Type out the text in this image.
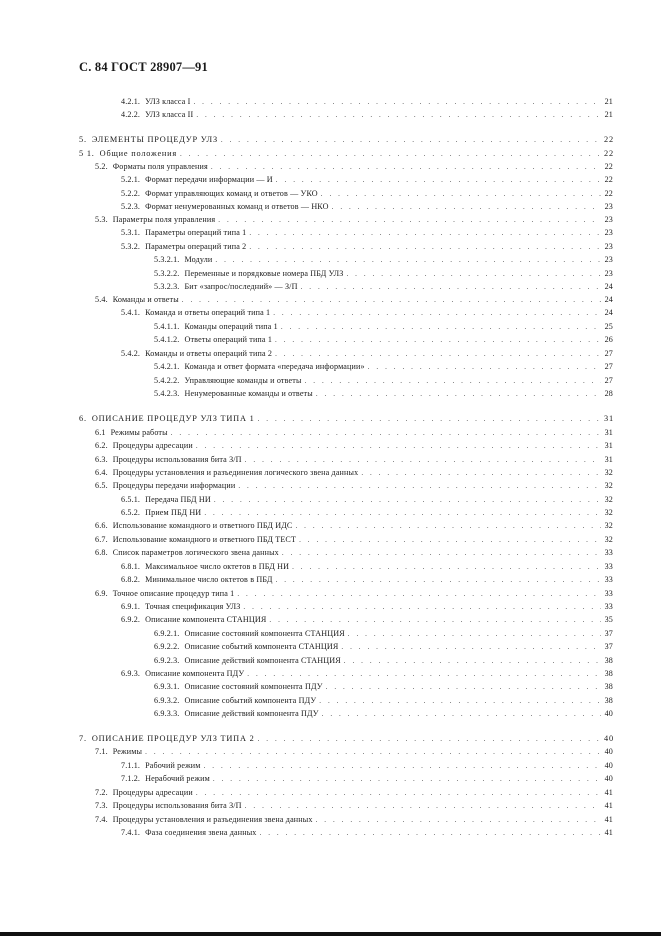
С. 84 ГОСТ 28907—91
4.2.1. УЛЗ класса I . . .	21
4.2.2. УЛЗ класса II . . .	21
5. ЭЛЕМЕНТЫ ПРОЦЕДУР УЛЗ . . .	22
5 1. Общие положения . . .	22
5.2. Форматы поля управления . . .	22
5.2.1. Формат передачи информации — И . . .	22
5.2.2. Формат управляющих команд и ответов — УКО . . .	22
5.2.3. Формат ненумерованных команд и ответов — НКО . . .	23
5.3. Параметры поля управления . . .	23
5.3.1. Параметры операций типа 1 . . .	23
5.3.2. Параметры операций типа 2 . . .	23
5.3.2.1. Модули . . .	23
5.3.2.2. Переменные и порядковые номера ПБД УЛЗ . . .	23
5.3.2.3. Бит «запрос/последний» — З/П . . .	24
5.4. Команды и ответы . . .	24
5.4.1. Команда и ответы операций типа 1 . . .	24
5.4.1.1. Команды операций типа 1 . . .	25
5.4.1.2. Ответы операций типа 1 . . .	26
5.4.2. Команды и ответы операций типа 2 . . .	27
5.4.2.1. Команда и ответ формата «передача информации» . . .	27
5.4.2.2. Управляющие команды и ответы . . .	27
5.4.2.3. Ненумерованные команды и ответы . . .	28
6. ОПИСАНИЕ ПРОЦЕДУР УЛЗ ТИПА 1 . . .	31
6.1 Режимы работы . . .	31
6.2. Процедуры адресации . . .	31
6.3. Процедуры использования бита З/П . . .	31
6.4. Процедуры установления и разъединения логического звена данных . . .	32
6.5. Процедуры передачи информации . . .	32
6.5.1. Передача ПБД НИ . . .	32
6.5.2. Прием ПБД НИ . . .	32
6.6. Использование командного и ответного ПБД ИДС . . .	32
6.7. Использование командного и ответного ПБД ТЕСТ . . .	32
6.8. Список параметров логического звена данных . . .	33
6.8.1. Максимальное число октетов в ПБД НИ . . .	33
6.8.2. Минимальное число октетов в ПБД . . .	33
6.9. Точное описание процедур типа 1 . . .	33
6.9.1. Точная спецификация УЛЗ . . .	33
6.9.2. Описание компонента СТАНЦИЯ . . .	35
6.9.2.1. Описание состояний компонента СТАНЦИЯ . . .	37
6.9.2.2. Описание событий компонента СТАНЦИЯ . . .	37
6.9.2.3. Описание действий компонента СТАНЦИЯ . . .	38
6.9.3. Описание компонента ПДУ . . .	38
6.9.3.1. Описание состояний компонента ПДУ . . .	38
6.9.3.2. Описание событий компонента ПДУ . . .	38
6.9.3.3. Описание действий компонента ПДУ . . .	40
7. ОПИСАНИЕ ПРОЦЕДУР УЛЗ ТИПА 2 . . .	40
7.1. Режимы . . .	40
7.1.1. Рабочий режим . . .	40
7.1.2. Нерабочий режим . . .	40
7.2. Процедуры адресации . . .	41
7.3. Процедуры использования бита З/П . . .	41
7.4. Процедуры установления и разъединения звена данных . . .	41
7.4.1. Фаза соединения звена данных . . .	41
